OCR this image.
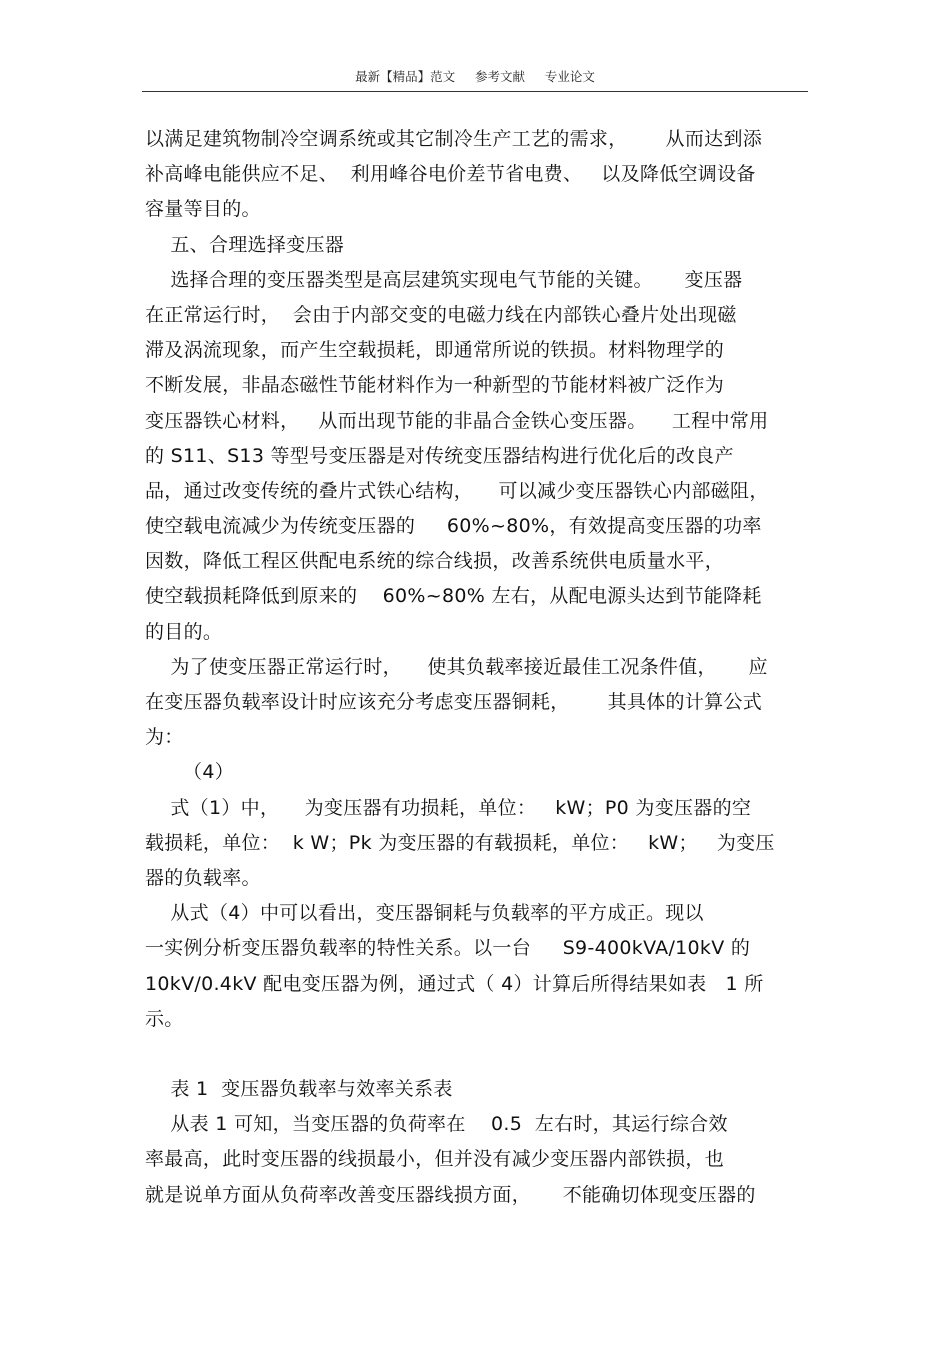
最新【精品】范文     参考文献     专业论文
以满足建筑物制冷空调系统或其它制冷生产工艺的需求，      从而达到添
补高峰电能供应不足、  利用峰谷电价差节省电费、   以及降低空调设备
容量等目的。
五、合理选择变压器
选择合理的变压器类型是高层建筑实现电气节能的关键。     变压器
在正常运行时，  会由于内部交变的电磁力线在内部铁心叠片处出现磁
滞及涡流现象，而产生空载损耗，即通常所说的铁损。材料物理学的
不断发展，非晶态磁性节能材料作为一种新型的节能材料被广泛作为
变压器铁心材料，   从而出现节能的非晶合金铁心变压器。    工程中常用
的 S11、S13 等型号变压器是对传统变压器结构进行优化后的改良产
品，通过改变传统的叠片式铁心结构，    可以减少变压器铁心内部磁阻，
使空载电流减少为传统变压器的     60%~80%，有效提高变压器的功率
因数，降低工程区供配电系统的综合线损，改善系统供电质量水平，
使空载损耗降低到原来的    60%~80% 左右，从配电源头达到节能降耗
的目的。
为了使变压器正常运行时，    使其负载率接近最佳工况条件值，     应
在变压器负载率设计时应该充分考虑变压器铜耗，      其具体的计算公式
为：
（4）
式（1）中，    为变压器有功损耗，单位：   kW；P0 为变压器的空
载损耗，单位：  k W；Pk 为变压器的有载损耗，单位：   kW；   为变压
器的负载率。
从式（4）中可以看出，变压器铜耗与负载率的平方成正。现以
一实例分析变压器负载率的特性关系。以一台     S9-400kVA/10kV 的
10kV/0.4kV 配电变压器为例，通过式（ 4）计算后所得结果如表   1 所
示。
表 1  变压器负载率与效率关系表
从表 1 可知，当变压器的负荷率在    0.5  左右时，其运行综合效
率最高，此时变压器的线损最小，但并没有减少变压器内部铁损，也
就是说单方面从负荷率改善变压器线损方面，     不能确切体现变压器的
